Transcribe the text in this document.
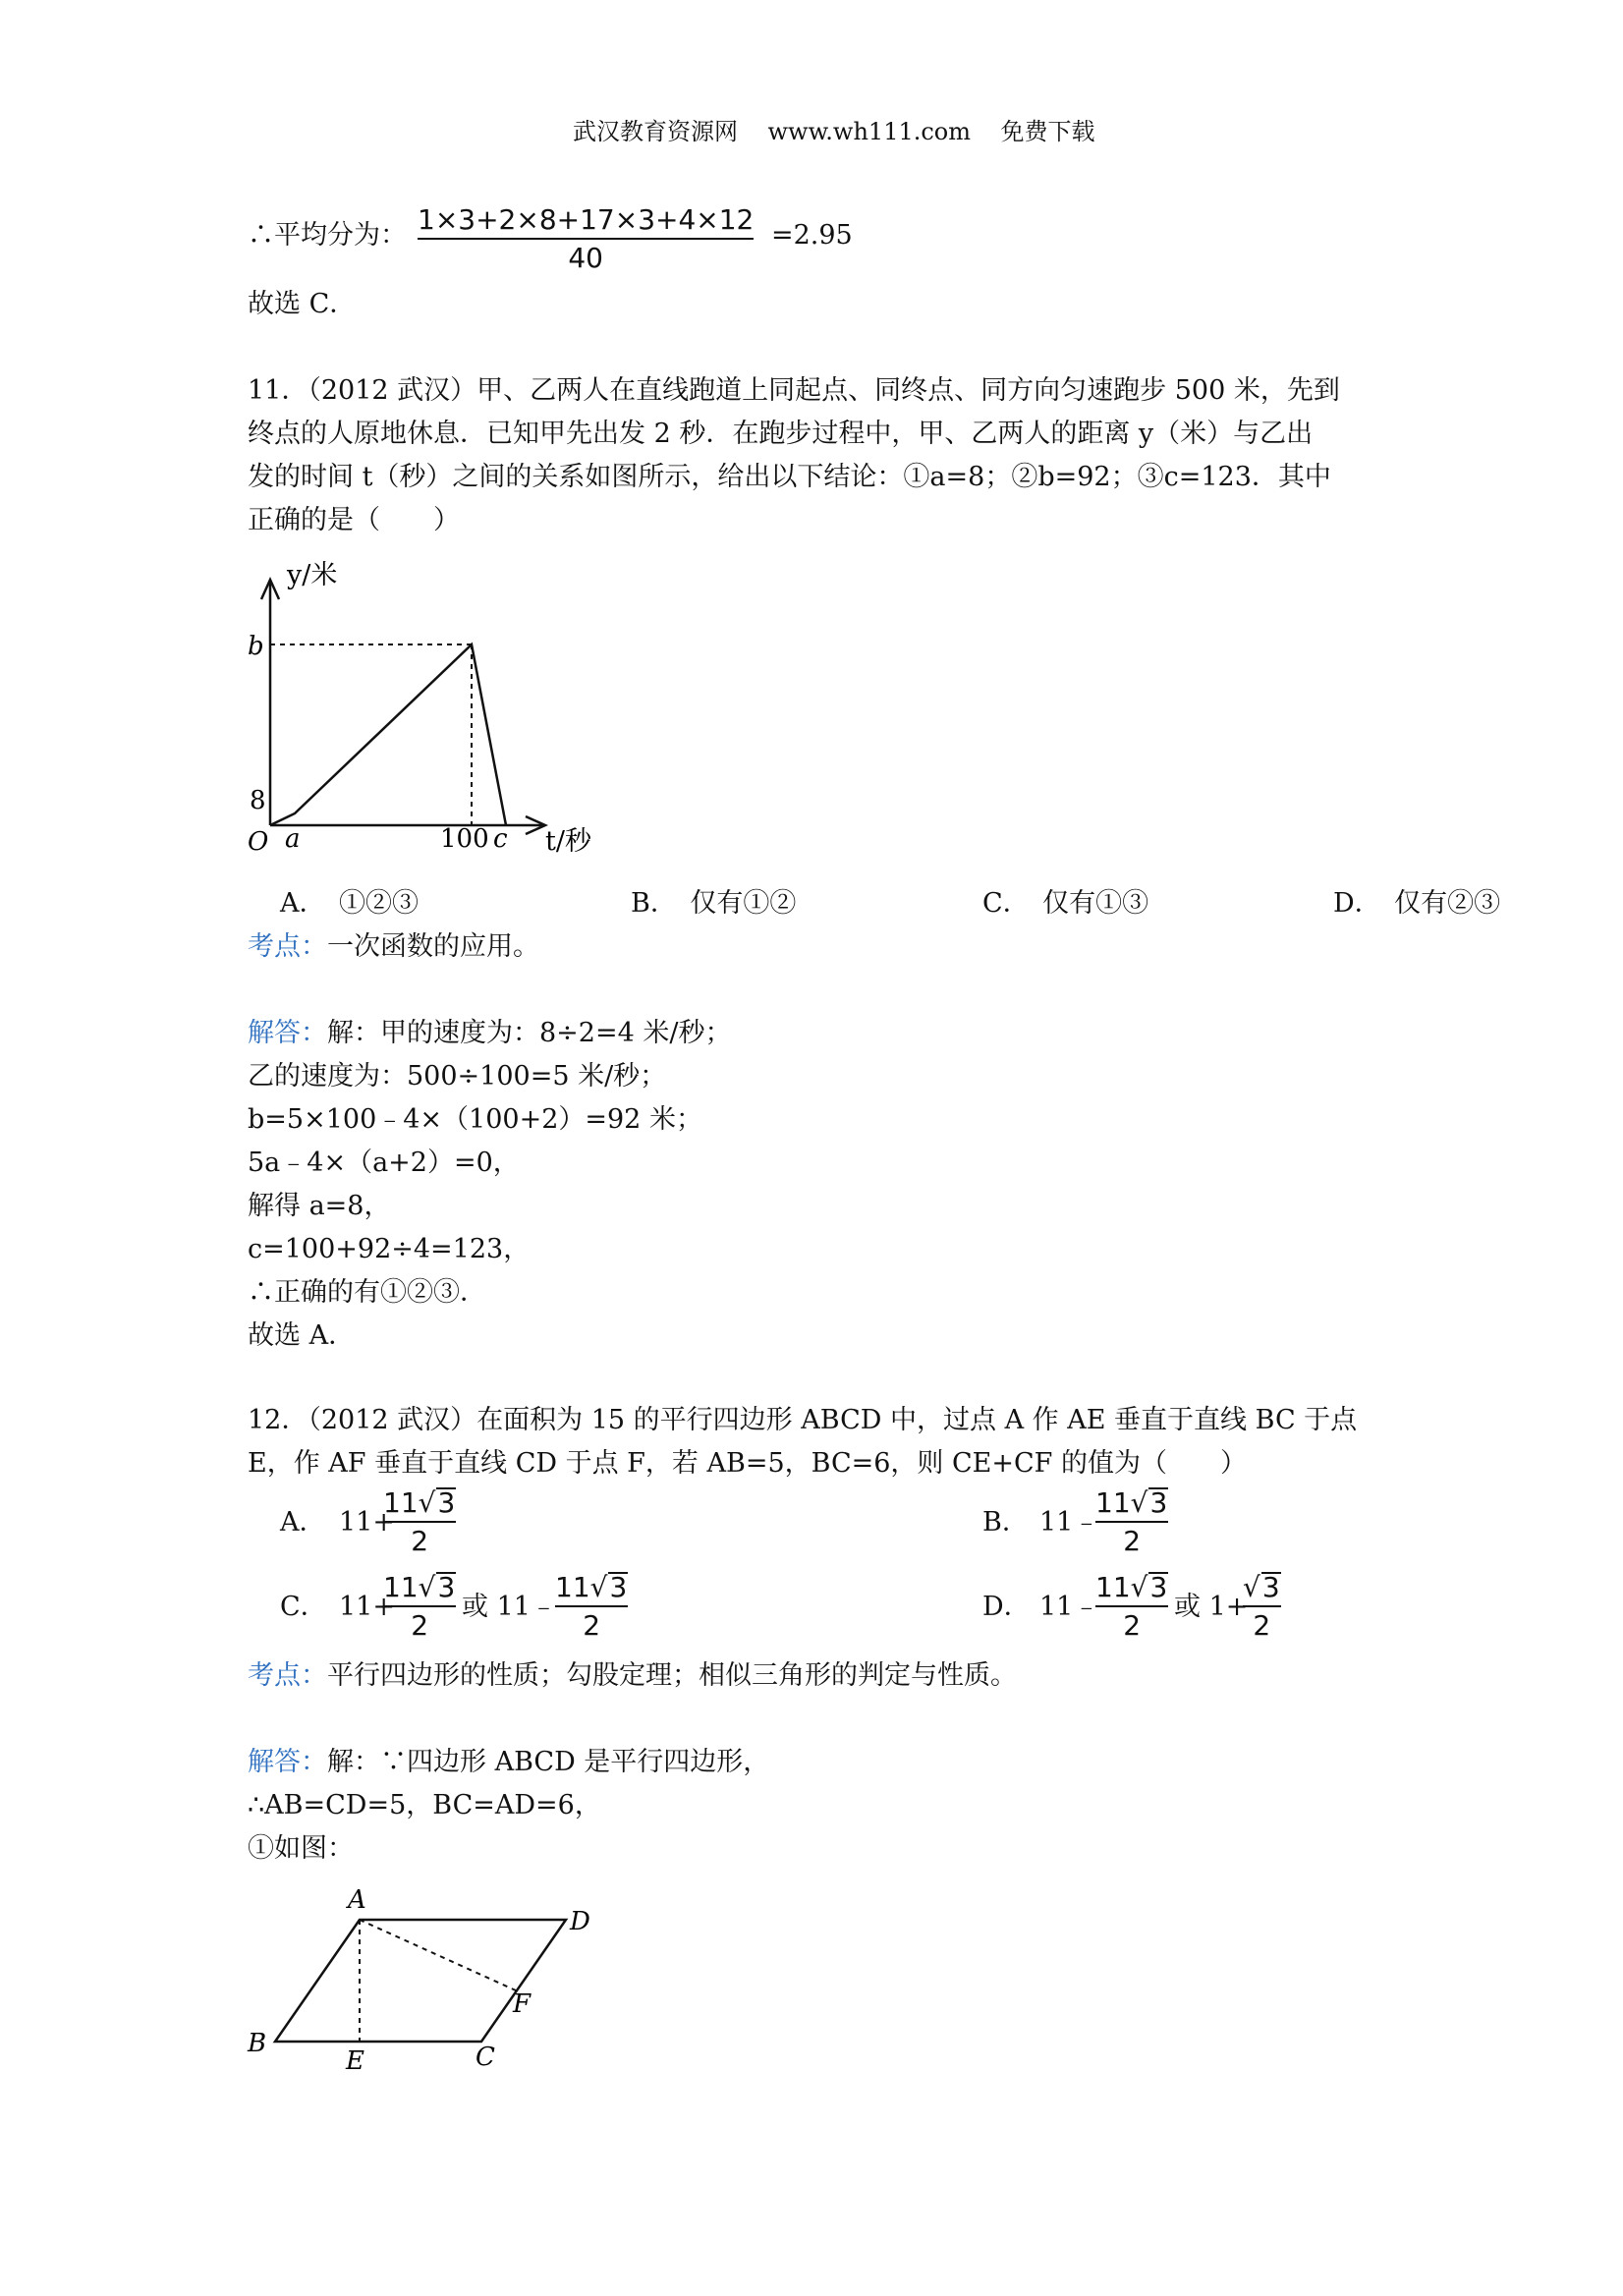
武汉教育资源网 www.wh111.com 免费下载
∴平均分为： 1×3+2×8+17×3+4×12
40
=2.95
故选 C．
11．（2012 武汉）甲、乙两人在直线跑道上同起点、同终点、同方向匀速跑步 500 米，先到
终点的人原地休息．已知甲先出发 2 秒．在跑步过程中，甲、乙两人的距离 y（米）与乙出
发的时间 t（秒）之间的关系如图所示，给出以下结论：①a=8；②b=92；③c=123．其中
正确的是（　　）
y/米
b
8
O a	100 c t/秒
A．　①②③	B．　仅有①②	C．　仅有①③	D．　仅有②③
考点：一次函数的应用。
解答：解：甲的速度为：8÷2=4 米/秒；
乙的速度为：500÷100=5 米/秒；
b=5×100﹣4×（100+2）=92 米；
5a﹣4×（a+2）=0，
解得 a=8，
c=100+92÷4=123，
∴正确的有①②③．
故选 A．
12．（2012 武汉）在面积为 15 的平行四边形 ABCD 中，过点 A 作 AE 垂直于直线 BC 于点
E，作 AF 垂直于直线 CD 于点 F，若 AB=5，BC=6，则 CE+CF 的值为（　　）
A． 11+
11√3
2
B． 11﹣
11√3
2
C． 11+
11√3
2
或 11﹣
11√3
2
D． 11﹣
11√3
2
或 1+
√3
2
考点：平行四边形的性质；勾股定理；相似三角形的判定与性质。
解答：解：∵四边形 ABCD 是平行四边形，
∴AB=CD=5，BC=AD=6，
①如图：
A
D
F
B
E	C
